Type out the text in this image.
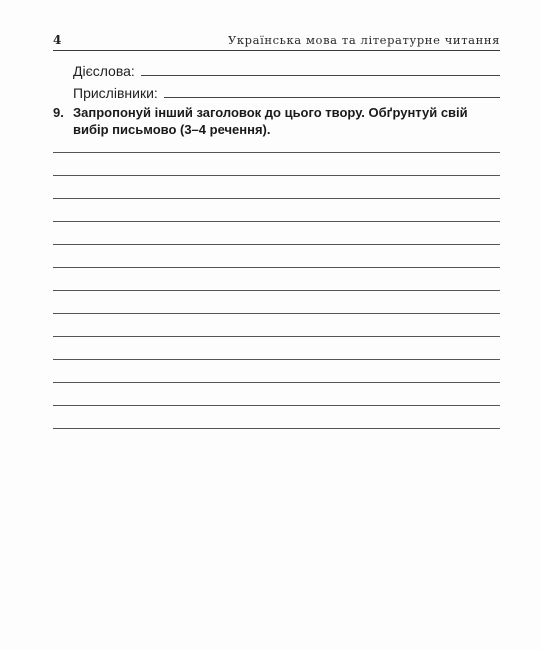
4	Українська мова та літературне читання
Дієслова:
Прислівники:
9. Запропонуй інший заголовок до цього твору. Обґрунтуй свій вибір письмово (3–4 речення).
